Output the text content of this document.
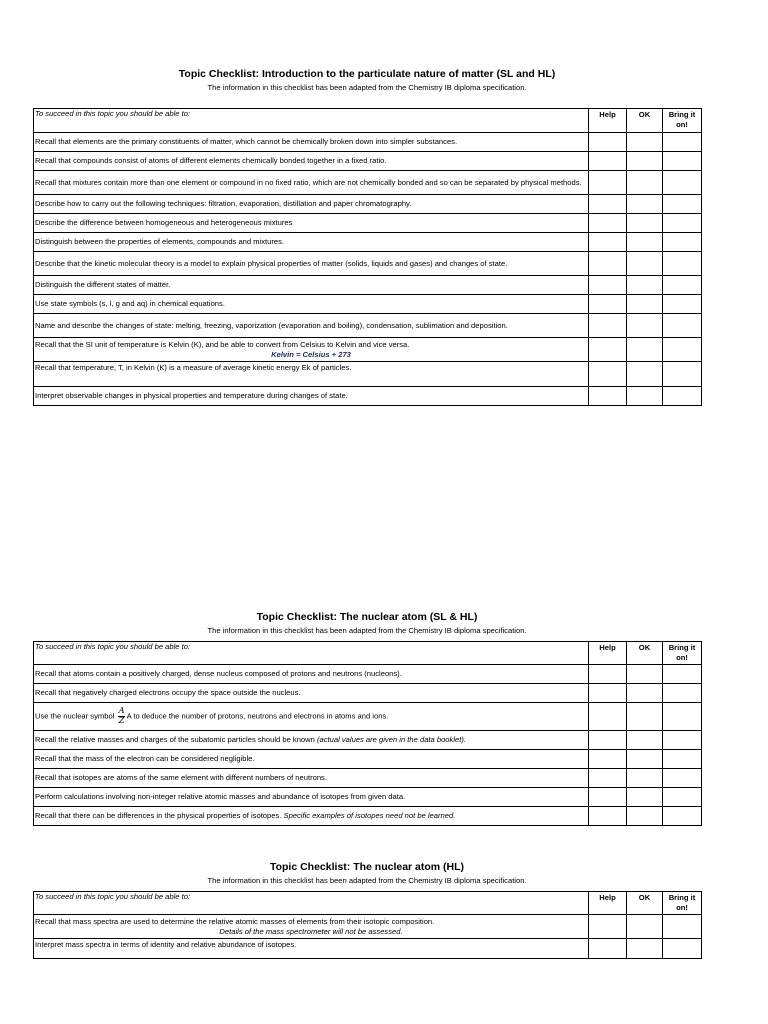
Topic Checklist: Introduction to the particulate nature of matter (SL and HL)
The information in this checklist has been adapted from the Chemistry IB diploma specification.
To succeed in this topic you should be able to:	Help	OK	Bring it on!
Recall that elements are the primary constituents of matter, which cannot be chemically broken down into simpler substances.			
Recall that compounds consist of atoms of different elements chemically bonded together in a fixed ratio.			
Recall that mixtures contain more than one element or compound in no fixed ratio, which are not chemically bonded and so can be separated by physical methods.			
Describe how to carry out the following techniques: filtration, evaporation, distillation and paper chromatography.			
Describe the difference between homogeneous and heterogeneous mixtures			
Distinguish between the properties of elements, compounds and mixtures.			
Describe that the kinetic molecular theory is a model to explain physical properties of matter (solids, liquids and gases) and changes of state.			
Distinguish the different states of matter.			
Use state symbols (s, l, g and aq) in chemical equations.			
Name and describe the changes of state: melting, freezing, vaporization (evaporation and boiling), condensation, sublimation and deposition.			
Recall that the SI unit of temperature is Kelvin (K), and be able to convert from Celsius to Kelvin and vice versa.
Kelvin = Celsius + 273			

Recall that temperature, T, in Kelvin (K) is a measure of average kinetic energy Ek of particles.			
Interpret observable changes in physical properties and temperature during changes of state.			
Topic Checklist: The nuclear atom (SL & HL)
The information in this checklist has been adapted from the Chemistry IB diploma specification.
To succeed in this topic you should be able to:	Help	OK	Bring it on!
Recall that atoms contain a positively charged, dense nucleus composed of protons and neutrons (nucleons).			
Recall that negatively charged electrons occupy the space outside the nucleus.			
Use the nuclear symbol $\frac{A}{Z}$ A to deduce the number of protons, neutrons and electrons in atoms and ions.			
Recall the relative masses and charges of the subatomic particles should be known (actual values are given in the data booklet).			
Recall that the mass of the electron can be considered negligible.			
Recall that isotopes are atoms of the same element with different numbers of neutrons.			
Perform calculations involving non-integer relative atomic masses and abundance of isotopes from given data.			
Recall that there can be differences in the physical properties of isotopes. Specific examples of isotopes need not be learned.			
Topic Checklist: The nuclear atom (HL)
The information in this checklist has been adapted from the Chemistry IB diploma specification.
To succeed in this topic you should be able to:	Help	OK	Bring it on!
Recall that mass spectra are used to determine the relative atomic masses of elements from their isotopic composition.
Details of the mass spectrometer will not be assessed.			

Interpret mass spectra in terms of identity and relative abundance of isotopes.			
